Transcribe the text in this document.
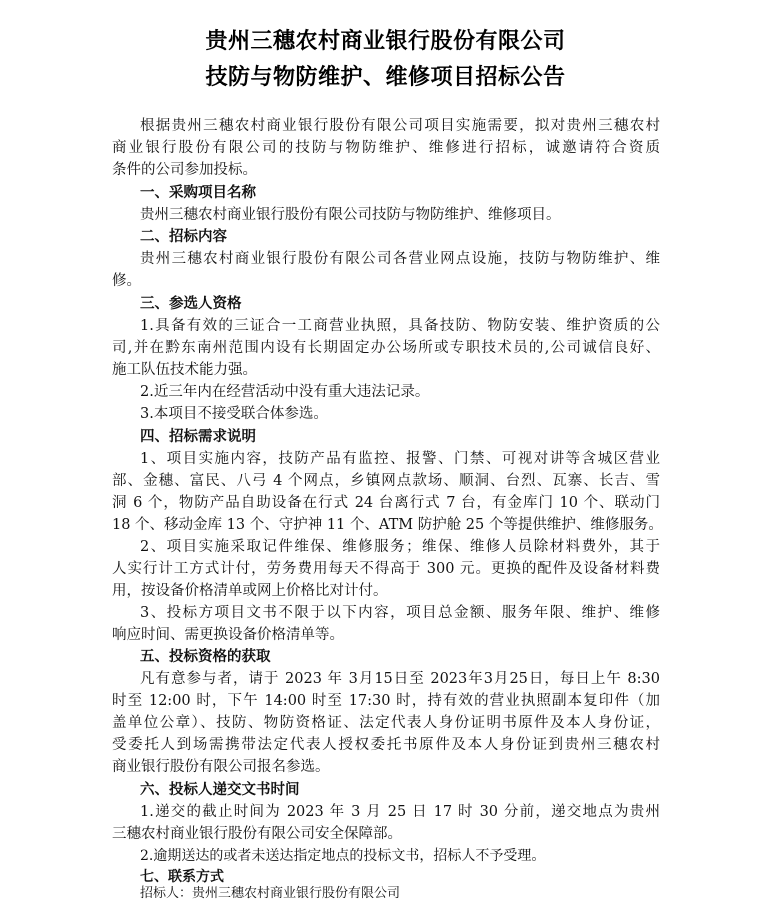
贵州三穗农村商业银行股份有限公司
技防与物防维护、维修项目招标公告
根据贵州三穗农村商业银行股份有限公司项目实施需要，拟对贵州三穗农村
商业银行股份有限公司的技防与物防维护、维修进行招标，诚邀请符合资质
条件的公司参加投标。
一、采购项目名称
贵州三穗农村商业银行股份有限公司技防与物防维护、维修项目。
二、招标内容
贵州三穗农村商业银行股份有限公司各营业网点设施，技防与物防维护、维
修。
三、参选人资格
1.具备有效的三证合一工商营业执照，具备技防、物防安装、维护资质的公
司,并在黔东南州范围内设有长期固定办公场所或专职技术员的,公司诚信良好、
施工队伍技术能力强。
2.近三年内在经营活动中没有重大违法记录。
3.本项目不接受联合体参选。
四、招标需求说明
1、项目实施内容，技防产品有监控、报警、门禁、可视对讲等含城区营业
部、金穗、富民、八弓 4 个网点，乡镇网点款场、顺洞、台烈、瓦寨、长吉、雪
洞 6 个，物防产品自助设备在行式 24 台离行式 7 台，有金库门 10 个、联动门
18 个、移动金库 13 个、守护神 11 个、ATM 防护舱 25 个等提供维护、维修服务。
2、项目实施采取记件维保、维修服务；维保、维修人员除材料费外，其于
人实行计工方式计付，劳务费用每天不得高于 300 元。更换的配件及设备材料费
用，按设备价格清单或网上价格比对计付。
3、投标方项目文书不限于以下内容，项目总金额、服务年限、维护、维修
响应时间、需更换设备价格清单等。
五、投标资格的获取
凡有意参与者，请于 2023 年 3月15日至 2023年3月25日，每日上午 8:30
时至 12:00 时，下午 14:00 时至 17:30 时，持有效的营业执照副本复印件（加
盖单位公章）、技防、物防资格证、法定代表人身份证明书原件及本人身份证，
受委托人到场需携带法定代表人授权委托书原件及本人身份证到贵州三穗农村
商业银行股份有限公司报名参选。
六、投标人递交文书时间
1.递交的截止时间为 2023 年 3 月 25 日 17 时 30 分前，递交地点为贵州
三穗农村商业银行股份有限公司安全保障部。
2.逾期送达的或者未送达指定地点的投标文书，招标人不予受理。
七、联系方式
招标人：贵州三穗农村商业银行股份有限公司
